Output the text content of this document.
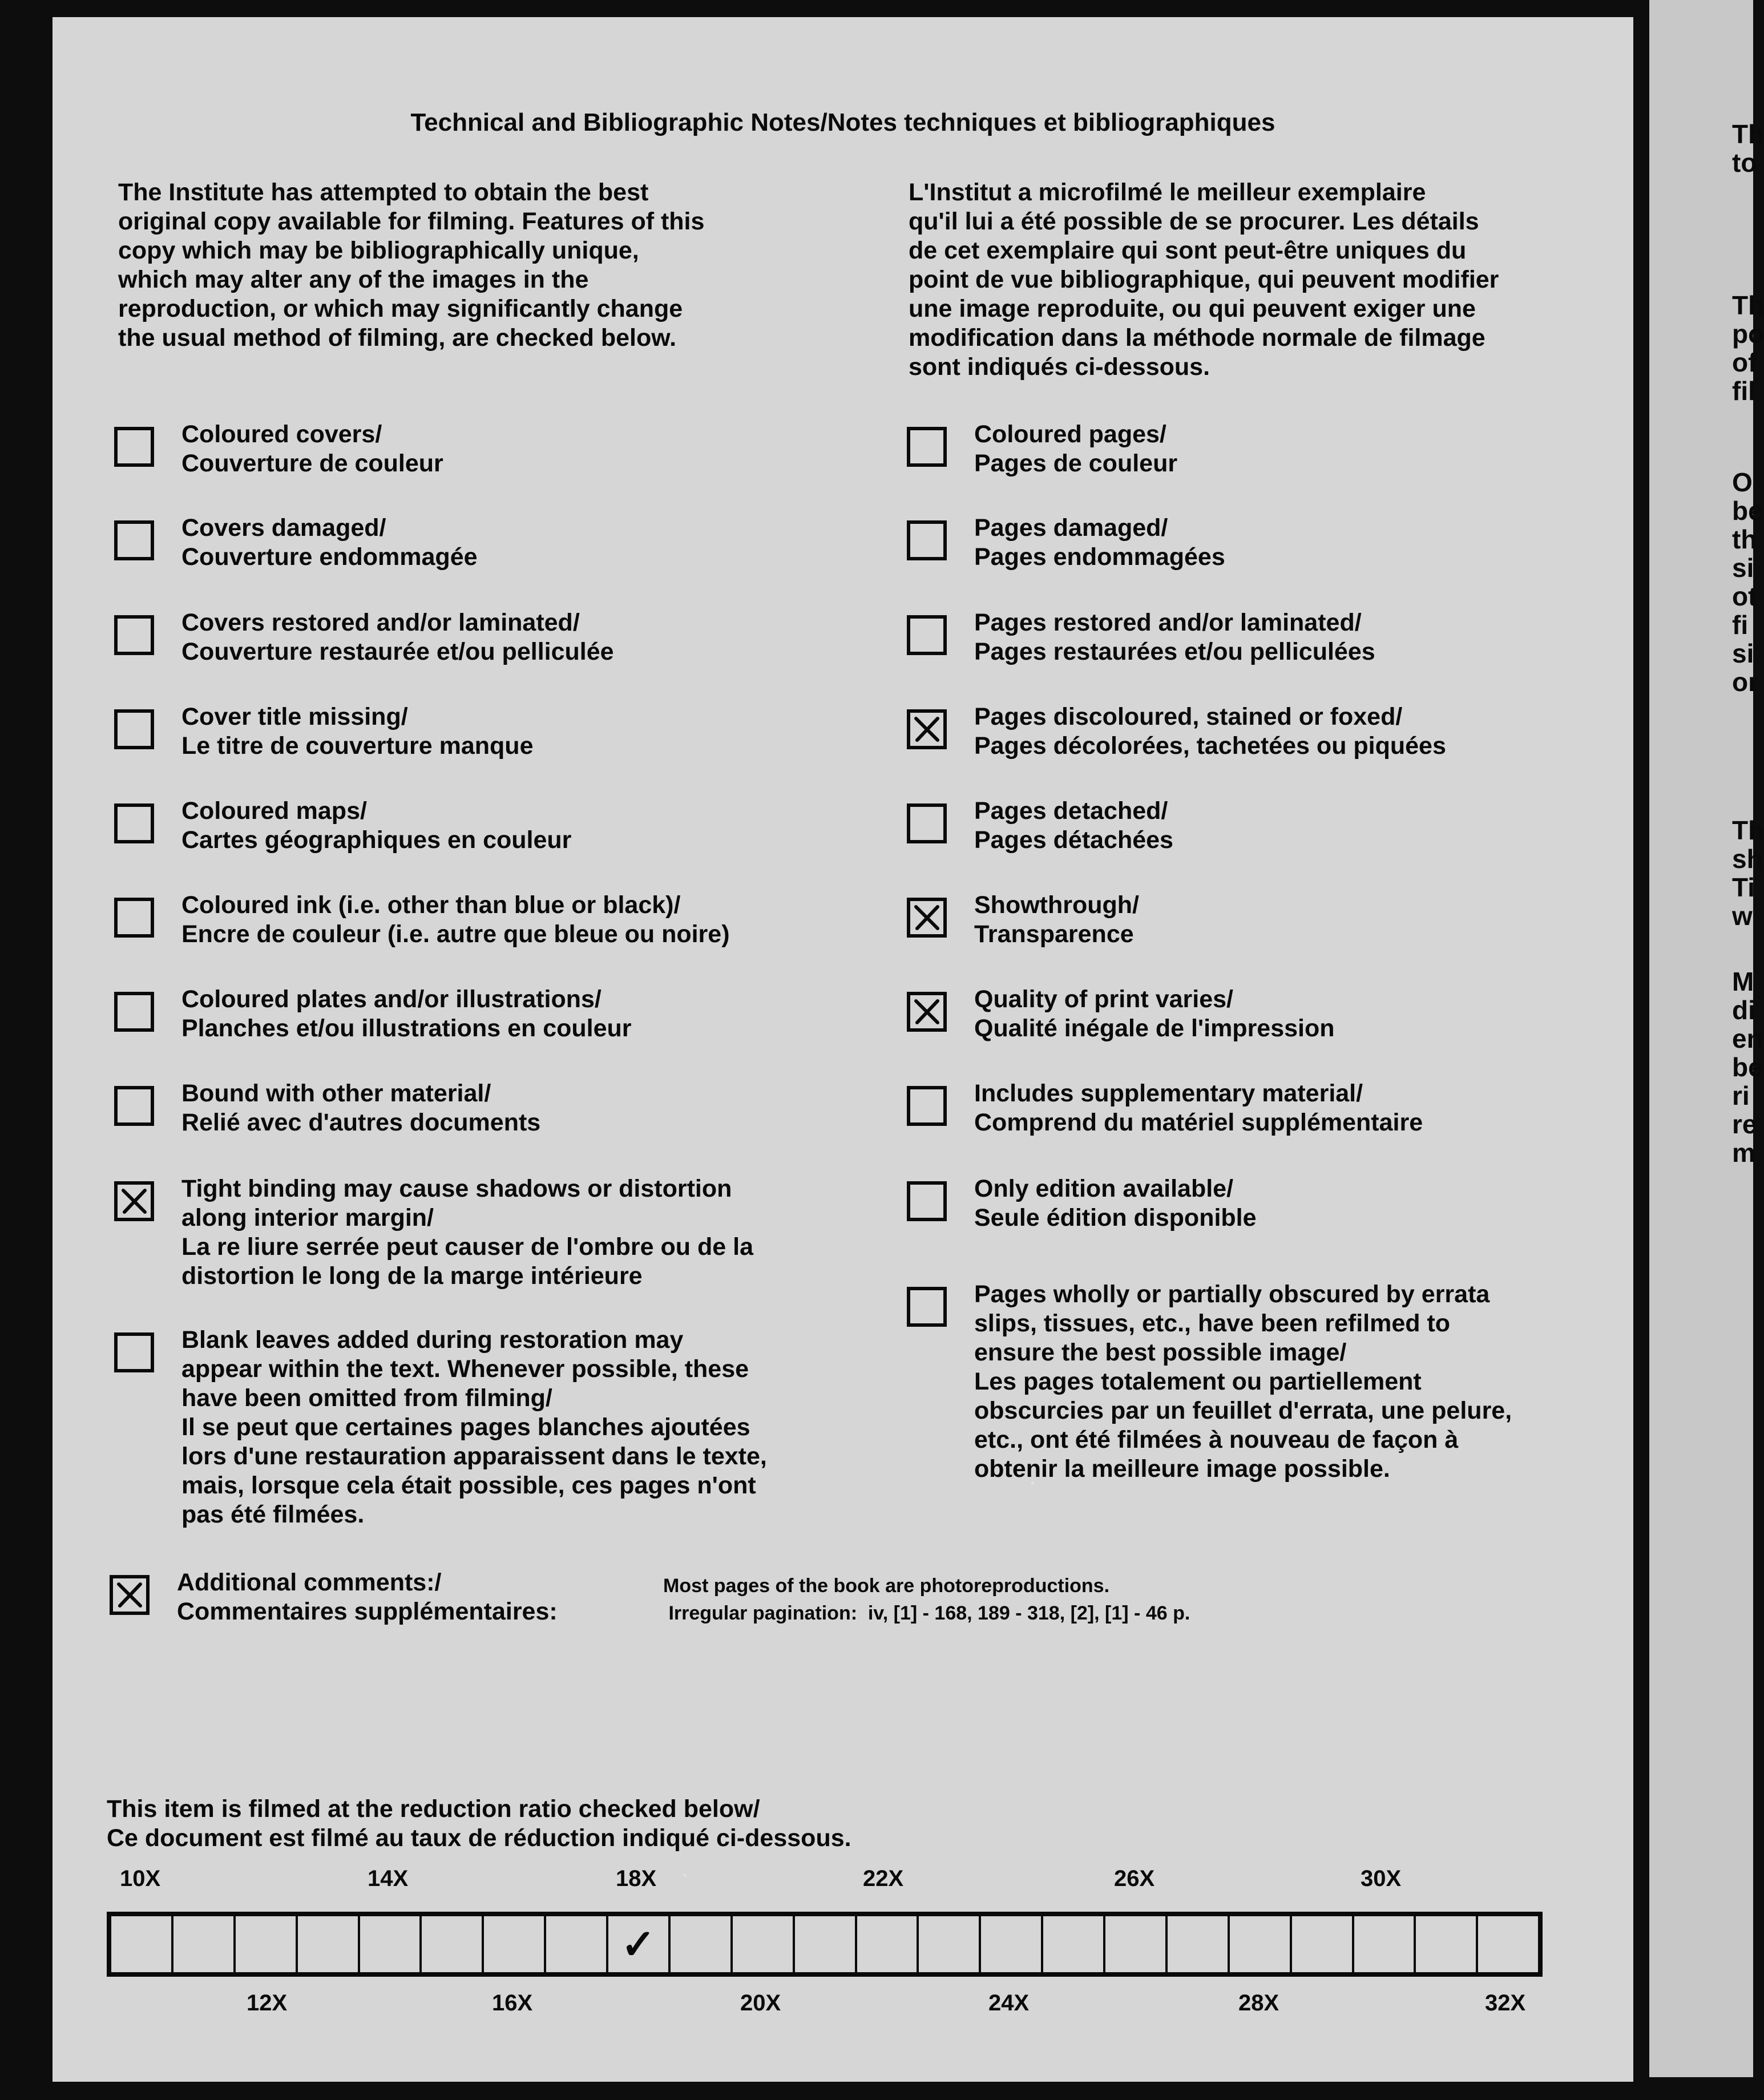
Technical and Bibliographic Notes/Notes techniques et bibliographiques
The Institute has attempted to obtain the best
original copy available for filming. Features of this
copy which may be bibliographically unique,
which may alter any of the images in the
reproduction, or which may significantly change
the usual method of filming, are checked below.
L'Institut a microfilmé le meilleur exemplaire
qu'il lui a été possible de se procurer. Les détails
de cet exemplaire qui sont peut-être uniques du
point de vue bibliographique, qui peuvent modifier
une image reproduite, ou qui peuvent exiger une
modification dans la méthode normale de filmage
sont indiqués ci-dessous.
Coloured covers/
Couverture de couleur
Covers damaged/
Couverture endommagée
Covers restored and/or laminated/
Couverture restaurée et/ou pelliculée
Cover title missing/
Le titre de couverture manque
Coloured maps/
Cartes géographiques en couleur
Coloured ink (i.e. other than blue or black)/
Encre de couleur (i.e. autre que bleue ou noire)
Coloured plates and/or illustrations/
Planches et/ou illustrations en couleur
Bound with other material/
Relié avec d'autres documents
Tight binding may cause shadows or distortion
along interior margin/
La re liure serrée peut causer de l'ombre ou de la
distortion le long de la marge intérieure
Blank leaves added during restoration may
appear within the text. Whenever possible, these
have been omitted from filming/
Il se peut que certaines pages blanches ajoutées
lors d'une restauration apparaissent dans le texte,
mais, lorsque cela était possible, ces pages n'ont
pas été filmées.
Coloured pages/
Pages de couleur
Pages damaged/
Pages endommagées
Pages restored and/or laminated/
Pages restaurées et/ou pelliculées
Pages discoloured, stained or foxed/
Pages décolorées, tachetées ou piquées
Pages detached/
Pages détachées
Showthrough/
Transparence
Quality of print varies/
Qualité inégale de l'impression
Includes supplementary material/
Comprend du matériel supplémentaire
Only edition available/
Seule édition disponible
Pages wholly or partially obscured by errata
slips, tissues, etc., have been refilmed to
ensure the best possible image/
Les pages totalement ou partiellement
obscurcies par un feuillet d'errata, une pelure,
etc., ont été filmées à nouveau de façon à
obtenir la meilleure image possible.
Additional comments:/
Commentaires supplémentaires:
Most pages of the book are photoreproductions.
Irregular pagination:  iv, [1] - 168, 189 - 318, [2], [1] - 46 p.
This item is filmed at the reduction ratio checked below/
Ce document est filmé au taux de réduction indiqué ci-dessous.
10X	14X	18X	22X	26X	30X
✓
12X	16X	20X	24X	28X	32X
Th
to
Th
po
of
fil
O
be
th
si
ot
fi
si
or
Th
sh
Ti
w
M
di
en
be
ri
re
m
